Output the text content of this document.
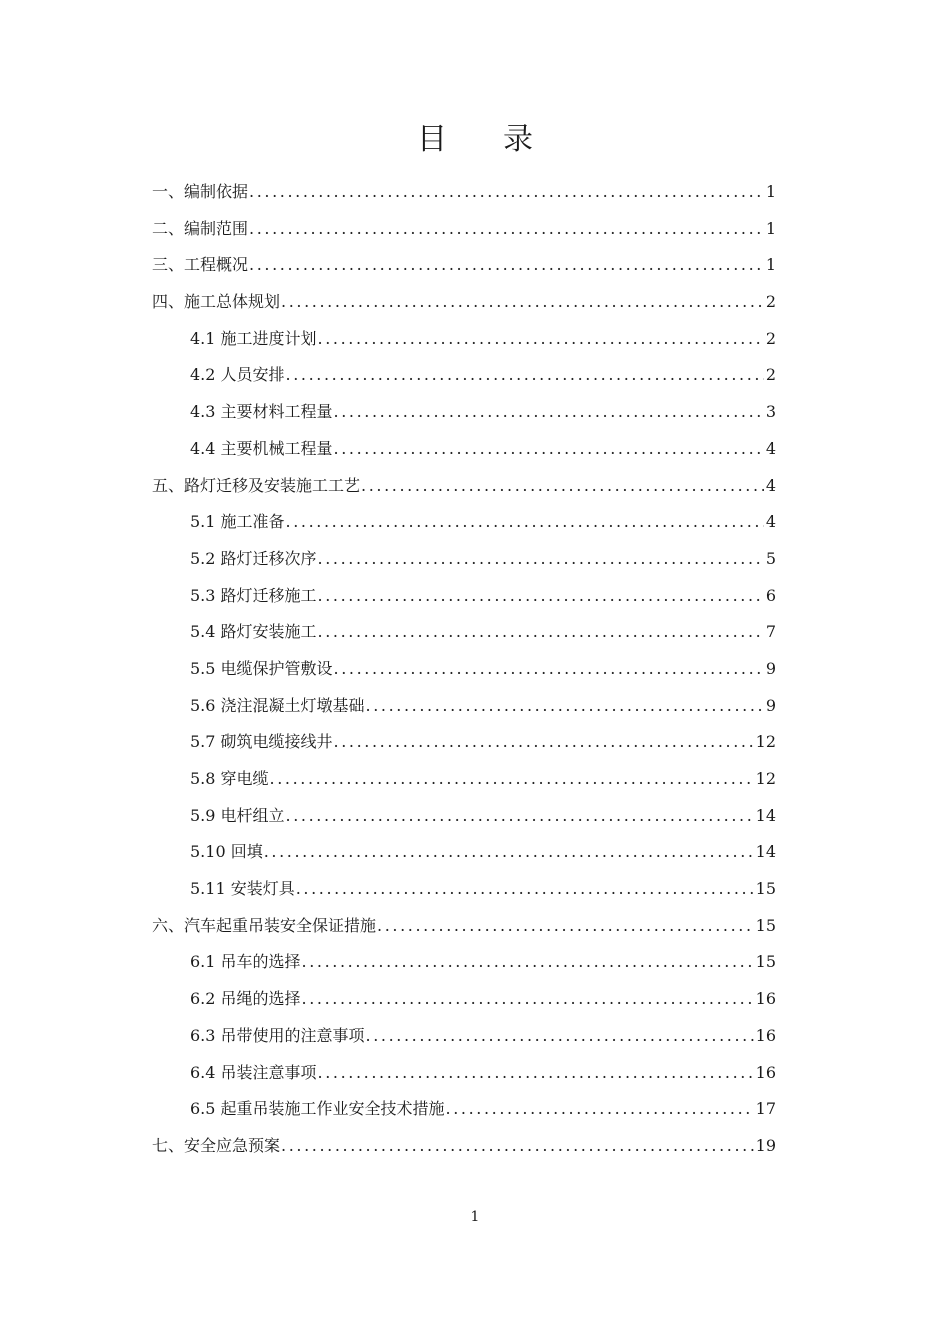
目录
一、编制依据 .....	1
二、编制范围 .....	1
三、工程概况 .....	1
四、施工总体规划 .....	2
4.1 施工进度计划 .....	2
4.2 人员安排 .....	2
4.3 主要材料工程量 .....	3
4.4 主要机械工程量 .....	4
五、路灯迁移及安装施工工艺 .....	4
5.1 施工准备 .....	4
5.2 路灯迁移次序 .....	5
5.3 路灯迁移施工 .....	6
5.4 路灯安装施工 .....	7
5.5 电缆保护管敷设 .....	9
5.6 浇注混凝土灯墩基础 .....	9
5.7 砌筑电缆接线井 .....	12
5.8 穿电缆 .....	12
5.9 电杆组立 .....	14
5.10 回填 .....	14
5.11 安装灯具 .....	15
六、汽车起重吊装安全保证措施 .....	15
6.1 吊车的选择 .....	15
6.2 吊绳的选择 .....	16
6.3 吊带使用的注意事项 .....	16
6.4 吊装注意事项 .....	16
6.5 起重吊装施工作业安全技术措施 .....	17
七、安全应急预案 .....	19
1
